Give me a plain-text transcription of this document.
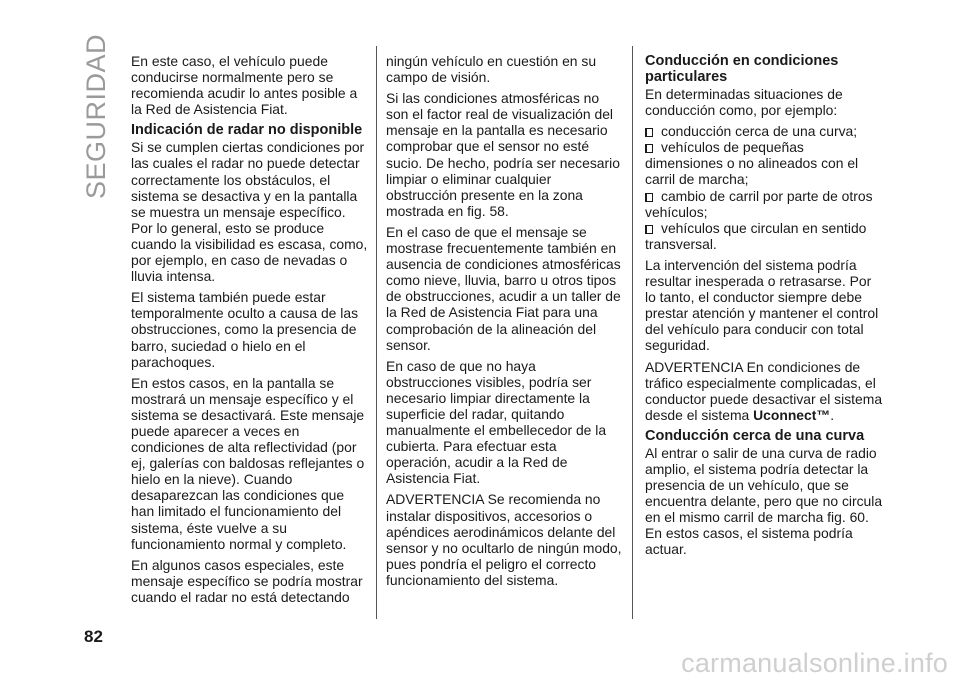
SEGURIDAD
82

En este caso, el vehículo puede conducirse normalmente pero se recomienda acudir lo antes posible a la Red de Asistencia Fiat.

Indicación de radar no disponible

Si se cumplen ciertas condiciones por las cuales el radar no puede detectar correctamente los obstáculos, el sistema se desactiva y en la pantalla se muestra un mensaje específico. Por lo general, esto se produce cuando la visibilidad es escasa, como, por ejemplo, en caso de nevadas o lluvia intensa.

El sistema también puede estar temporalmente oculto a causa de las obstrucciones, como la presencia de barro, suciedad o hielo en el parachoques.

En estos casos, en la pantalla se mostrará un mensaje específico y el sistema se desactivará. Este mensaje puede aparecer a veces en condiciones de alta reflectividad (por ej, galerías con baldosas reflejantes o hielo en la nieve). Cuando desaparezcan las condiciones que han limitado el funcionamiento del sistema, éste vuelve a su funcionamiento normal y completo.

En algunos casos especiales, este mensaje específico se podría mostrar cuando el radar no está detectando

ningún vehículo en cuestión en su campo de visión.

Si las condiciones atmosféricas no son el factor real de visualización del mensaje en la pantalla es necesario comprobar que el sensor no esté sucio. De hecho, podría ser necesario limpiar o eliminar cualquier obstrucción presente en la zona mostrada en fig. 58.

En el caso de que el mensaje se mostrase frecuentemente también en ausencia de condiciones atmosféricas como nieve, lluvia, barro u otros tipos de obstrucciones, acudir a un taller de la Red de Asistencia Fiat para una comprobación de la alineación del sensor.

En caso de que no haya obstrucciones visibles, podría ser necesario limpiar directamente la superficie del radar, quitando manualmente el embellecedor de la cubierta. Para efectuar esta operación, acudir a la Red de Asistencia Fiat.

ADVERTENCIA Se recomienda no instalar dispositivos, accesorios o apéndices aerodinámicos delante del sensor y no ocultarlo de ningún modo, pues pondría el peligro el correcto funcionamiento del sistema.

Conducción en condiciones particulares

En determinadas situaciones de conducción como, por ejemplo:

conducción cerca de una curva;
vehículos de pequeñas dimensiones o no alineados con el carril de marcha;
cambio de carril por parte de otros vehículos;
vehículos que circulan en sentido transversal.

La intervención del sistema podría resultar inesperada o retrasarse. Por lo tanto, el conductor siempre debe prestar atención y mantener el control del vehículo para conducir con total seguridad.

ADVERTENCIA En condiciones de tráfico especialmente complicadas, el conductor puede desactivar el sistema desde el sistema Uconnect™.

Conducción cerca de una curva

Al entrar o salir de una curva de radio amplio, el sistema podría detectar la presencia de un vehículo, que se encuentra delante, pero que no circula en el mismo carril de marcha fig. 60. En estos casos, el sistema podría actuar.

carmanualsonline.info
